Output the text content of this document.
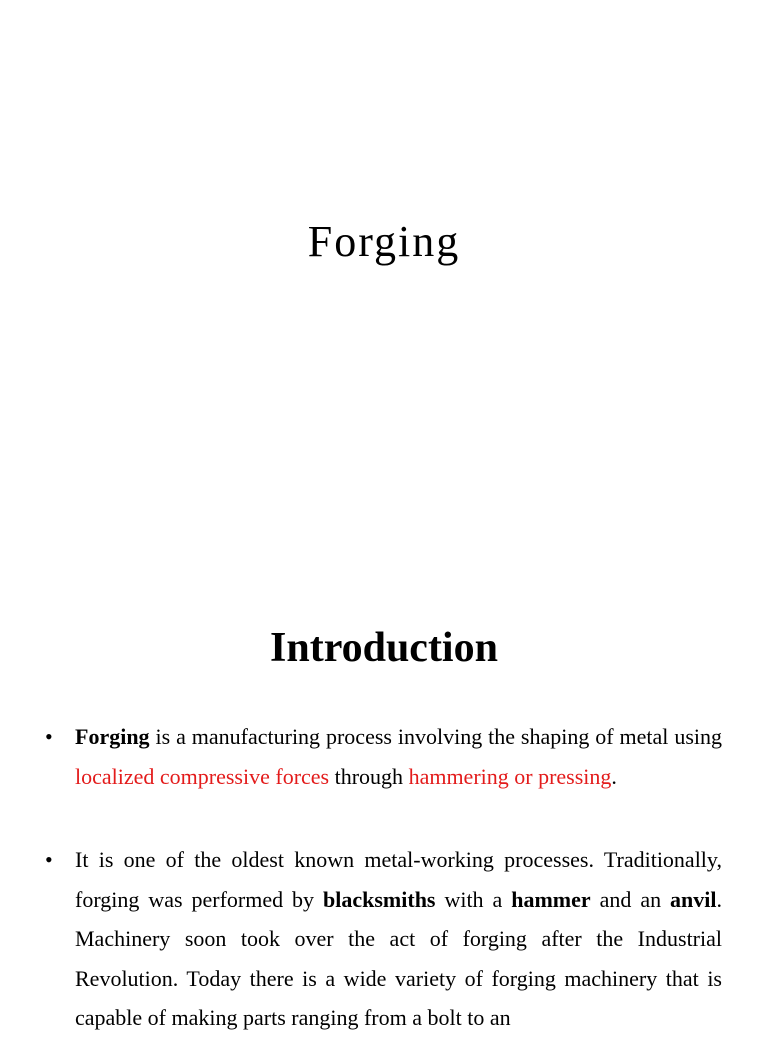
Forging
Introduction
• Forging is a manufacturing process involving the shaping of metal using localized compressive forces through hammering or pressing.
• It is one of the oldest known metal-working processes. Traditionally, forging was performed by blacksmiths with a hammer and an anvil. Machinery soon took over the act of forging after the Industrial Revolution. Today there is a wide variety of forging machinery that is capable of making parts ranging from a bolt to an
